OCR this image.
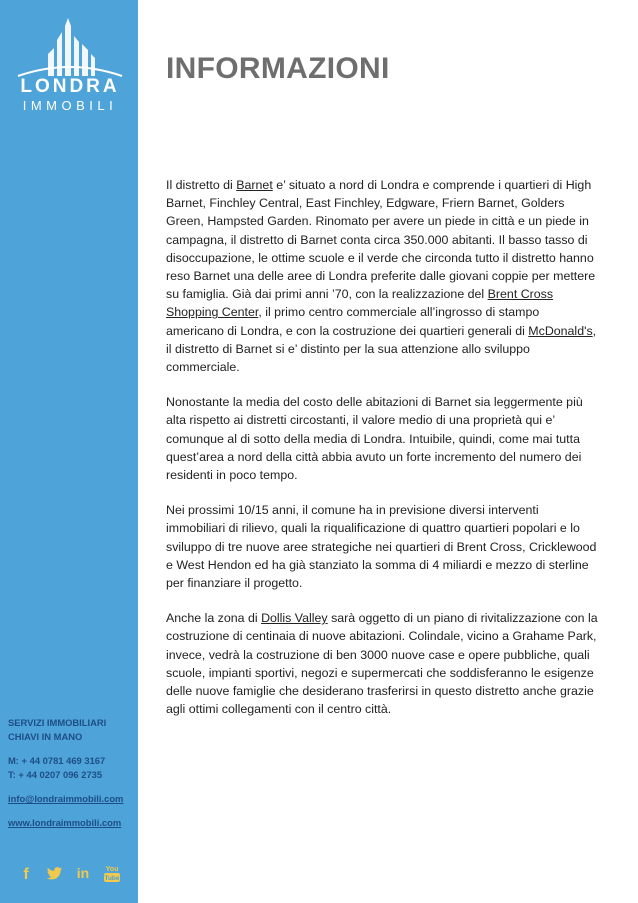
LONDRA
IMMOBILI
SERVIZI IMMOBILIARI
CHIAVI IN MANO
M: + 44 0781 469 3167
T: + 44 0207 096 2735
info@londraimmobili.com
www.londraimmobili.com
f	in You
Tube
INFORMAZIONI

Il distretto di Barnet e’ situato a nord di Londra e comprende i quartieri di High Barnet, Finchley Central, East Finchley, Edgware, Friern Barnet, Golders Green, Hampsted Garden. Rinomato per avere un piede in città e un piede in campagna, il distretto di Barnet conta circa 350.000 abitanti. Il basso tasso di disoccupazione, le ottime scuole e il verde che circonda tutto il distretto hanno reso Barnet una delle aree di Londra preferite dalle giovani coppie per mettere su famiglia. Già dai primi anni ’70, con la realizzazione del Brent Cross Shopping Center, il primo centro commerciale all’ingrosso di stampo americano di Londra, e con la costruzione dei quartieri generali di McDonald's, il distretto di Barnet si e’ distinto per la sua attenzione allo sviluppo commerciale.

Nonostante la media del costo delle abitazioni di Barnet sia leggermente più alta rispetto ai distretti circostanti, il valore medio di una proprietà qui e’ comunque al di sotto della media di Londra. Intuibile, quindi, come mai tutta quest’area a nord della città abbia avuto un forte incremento del numero dei residenti in poco tempo.

Nei prossimi 10/15 anni, il comune ha in previsione diversi interventi immobiliari di rilievo, quali la riqualificazione di quattro quartieri popolari e lo sviluppo di tre nuove aree strategiche nei quartieri di Brent Cross, Cricklewood e West Hendon ed ha già stanziato la somma di 4 miliardi e mezzo di sterline per finanziare il progetto.

Anche la zona di Dollis Valley sarà oggetto di un piano di rivitalizzazione con la costruzione di centinaia di nuove abitazioni. Colindale, vicino a Grahame Park, invece, vedrà la costruzione di ben 3000 nuove case e opere pubbliche, quali scuole, impianti sportivi, negozi e supermercati che soddisferanno le esigenze delle nuove famiglie che desiderano trasferirsi in questo distretto anche grazie agli ottimi collegamenti con il centro città.
